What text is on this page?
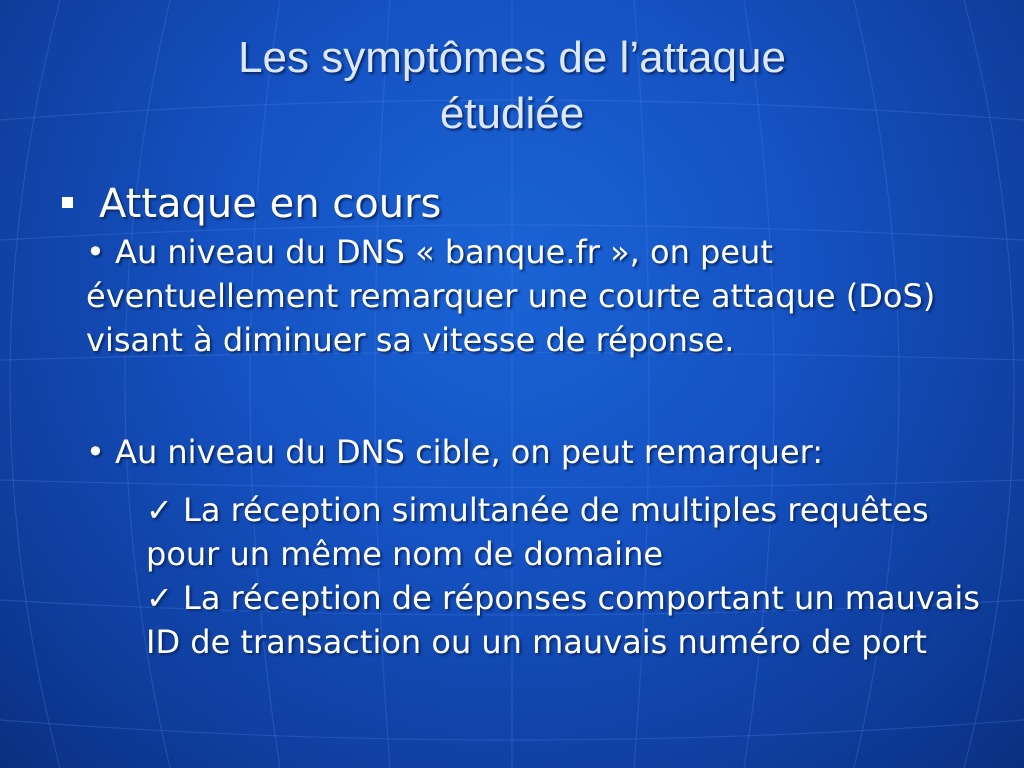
Les symptômes de l’attaque
étudiée
Attaque en cours
• Au niveau du DNS « banque.fr », on peut éventuellement remarquer une courte attaque (DoS) visant à diminuer sa vitesse de réponse.
• Au niveau du DNS cible, on peut remarquer:
✓ La réception simultanée de multiples requêtes pour un même nom de domaine
✓ La réception de réponses comportant un mauvais ID de transaction ou un mauvais numéro de port
